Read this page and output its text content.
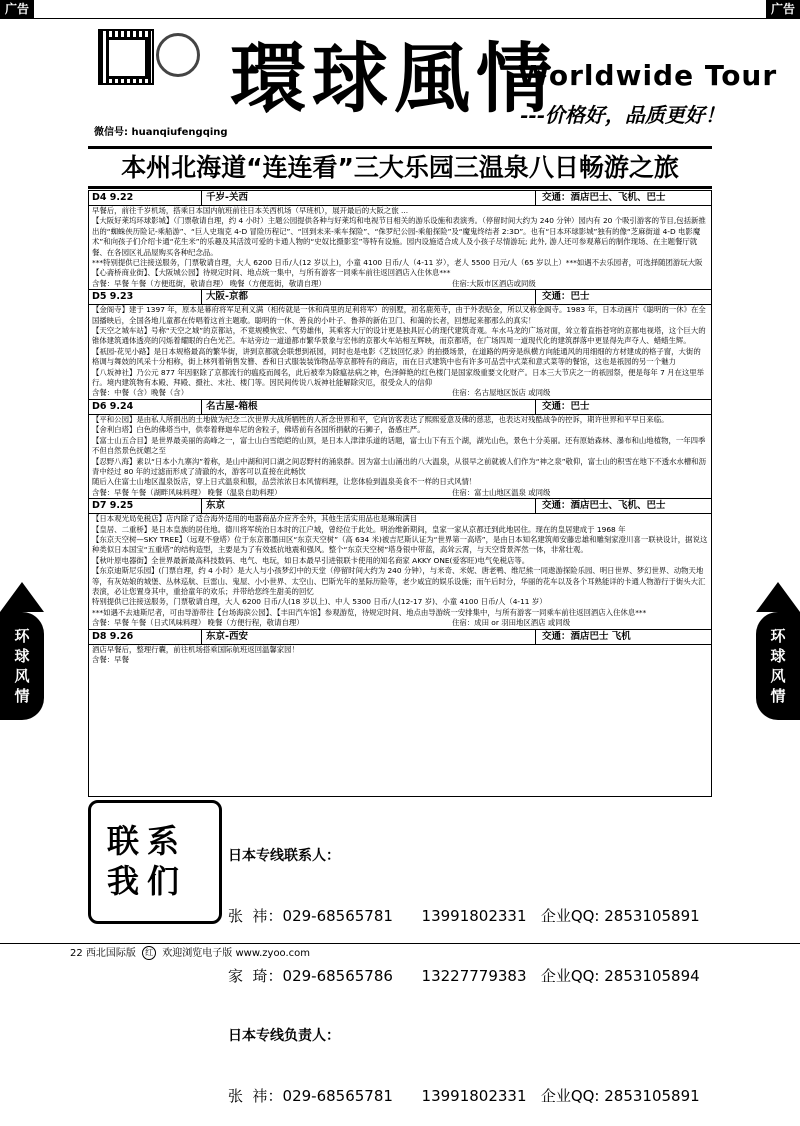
广告	广告
微信号: huanqiufengqing
環球風情
Worldwide Tour
---价格好，品质更好！
本州北海道“连连看”三大乐园三温泉八日畅游之旅
D4 9.22	千岁-关西	交通：酒店巴士、飞机、巴士

早餐后，前往千岁机场，搭乘日本国内航班前往日本关西机场（早班机），展开最后的大阪之旅 ...

【大阪好莱坞环球影城】（门票敬请自理，约 4 小时）主题公园提供各种与好莱坞和电视节目相关的游乐设施和表演秀。（停留时间大约为 240 分钟）园内有 20 个吸引游客的节目,包括新推出的“蜘蛛侠历险记-乘船游”、“巨人史瑞克 4-D 冒险历程记”、“回到未来-乘车探险”、“侏罗纪公园-乘船探险”及“魔鬼终结者 2:3D”。也有“日本环球影城”独有的像“芝麻街道 4-D 电影魔术”和向孩子们介绍卡通“花生米”的乐趣及其活泼可爱的卡通人物的“史奴比摄影室”等特有设施。园内设施适合成人及小孩子尽情游玩; 此外, 游人还可参观幕后的制作现场、在主题餐厅就餐、在各园区礼品屋购买各种纪念品。

***特别提供已注接送服务，门票敬请自理，大人 6200 日币/人(12 岁以上)，小童 4100 日币/人（4-11 岁），老人 5500 日元/人（65 岁以上）***如遇不去乐园者，可选择随团游玩大阪【心斋桥商业街】、【大阪城公园】待规定时间、地点统一集中，与所有游客一同乘车前往返回酒店入住休息***

含餐：早餐 午餐（方便逛街，敬请自理） 晚餐（方便逛街，敬请自理）	住宿:大阪市区酒店或同级
D5 9.23	大阪-京都	交通：巴士

【金阁寺】建于 1397 年，原本是幕府将军足利义满（相传就是一休和尚里的足利将军）的别墅，初名鹿苑寺，由于外表贴金，所以又称金阁寺。1983 年，日本动画片《聪明的一休》在全国播映后，全国各地儿童都在传唱着这首主题歌。聪明的一休、善良的小叶子、鲁莽的新佑卫门、和蔼的长者，回想起来都那么的真实！

【天空之城车站】号称“天空之城”的京都站，不竟规模恢宏、气势雄伟，其乘客大厅的设计更是独具匠心的现代建筑奇观。车水马龙的广场对面，耸立着直指苍穹的京都电视塔，这个巨大的锥体建筑通体透亮的闪烁着耀眼的白色光芒。车站旁边一道道都市繁华景象与宏伟的京都火车站相互辉映，而京都塔，在广场四周一道现代化的建筑群落中更显得先声夺人、蜡蜡生辉。

【祇园-花见小路】是日本规格最高的繁华街，讲到京都就会联想到祇园，同时也是电影《艺妓回忆录》的拍摄场景，在道路的两旁是纵横方向能通风的用细细的方材建成的格子窗，大街的格调与舞妓的风采十分相称，街上林列着销售发簪、香和日式服装装饰物品等京都特有的商店，而在日式建筑中也有许多可品尝中式菜和意式菜等的餐馆，这也是祇园的另一个魅力

【八坂神社】乃公元 877 年因驱除了京都流行的瘟疫而闻名，此后被奉为除瘟祛病之神，色泽鲜艳的红色楼门是国家级重要文化财产。日本三大节庆之一的祇园祭，便是每年 7 月在这里举行。境内建筑物有本殿、拜殿、摄社、末社、楼门等。因民间传说八坂神社能解除灾厄，很受众人的信仰

含餐：中餐（含）晚餐（含）	住宿：名古屋地区饭店 或同级
D6 9.24	名古屋-箱根	交通：巴士

【平和公园】是由私人所捐出的土地做为纪念二次世界大战所牺牲的人祈念世界和平，它向访客表达了熙熙爱意及佛的慈悲，也表达对残酷战争的控诉，期许世界和平早日来临。

【舍利白塔】白色的佛塔当中，供奉着释迦牟尼的舍粒子，佛塔前有各国所捐献的石狮子，备感庄严。

【富士山五合目】是世界最美丽的高峰之一，富士山白雪皑皑的山顶，是日本人津津乐道的话题，富士山下有五个湖，湖光山色，景色十分美丽。还有原始森林、瀑布和山地植物，一年四季不但自然景色抚媚之至

【忍野八海】素以“日本小九寨沟”着称，是山中湖和河口湖之间忍野村的涌泉群。因为富士山涌出的八大温泉，从很早之前就被人们作为“神之泉”敬仰，富士山的积雪在地下不透水水槽和沥青中经过 80 年的过滤而形成了清澈的水，游客可以直接在此畅饮

随后入住富士山地区温泉饭店，穿上日式温泉和服，品尝浓浓日本风情料理，让您体验到温泉美食不一样的日式风情！

含餐：早餐 午餐（湖畔风味料理） 晚餐（温泉自助料理）	住宿：富士山地区温泉 或同级
D7 9.25	东京	交通：酒店巴士、飞机、巴士

【日本观光局免税店】店内除了适合海外适用的电器商品介应齐全外，其他生活实用品也是琳琅满目

【皇居、二重桥】是日本皇族的居住地。德川将军统治日本时的江户城，曾经位于此处。明治维新期间，皇家一家从京都迁到此地居住。现在的皇居建成于 1968 年

【东京天空树—SKY TREE】（远观不登塔）位于东京都墨田区“东京天空树”（高 634 米)被吉尼斯认证为“世界第一高塔”，是由日本知名建筑师安藤忠雄和雕刻家澄川喜一联袂设计，据说这种类似日本国宝“五重塔”的结构造型，主要是为了有效抵抗地震和强风。整个“东京天空树”塔身银中带蓝，高耸云霄，与天空背景浑然一体，非常壮观。

【秋叶原电器街】全世界最新最高科技数码、电气、电玩，如日本最早引进银联卡使用的知名商家 AKKY ONE(爱客旺)电气免税店等。

【东京迪斯尼乐园】(门票自理，约 4 小时）是大人与小孩梦幻中的天堂（停留时间大约为 240 分钟），与米奇、米妮、唐老鸭、维尼熊一同遨游探险乐园、明日世界、梦幻世界、动物天地等，有灰姑娘的城堡、丛林巡航、巨雷山、鬼屋、小小世界、太空山、巴斯光年的星际历险等，老少咸宜的娱乐设施；而午后时分，华丽的花车以及各个耳熟能详的卡通人物游行于街头大汇表演，必让您置身其中，重拾童年的欢乐；并带给您终生甜美的回忆

特别提供已注接送服务，门票敬请自理，大人 6200 日币/人(18 岁以上)、中人 5300 日币/人(12-17 岁)、小童 4100 日币/人（4-11 岁）

***如遇不去迪斯尼者，可由导游带往【台场海滨公园】、【丰田汽车馆】参观游览，待规定时间、地点由导游统一安排集中，与所有游客一同乘车前往返回酒店入住休息***

含餐：早餐 午餐（日式风味料理） 晚餐（方便行程，敬请自理）	住宿：成田 or 羽田地区酒店 或同级
D8 9.26	东京-西安	交通：酒店巴士 飞机

酒店早餐后，整理行囊，前往机场搭乘国际航班返回温馨家园！

含餐：早餐
环球风情
环球风情
联系
我们

日本专线联系人：

张  祎：029-68565781      13991802331   企业QQ: 2853105891

家  琦：029-68565786      13227779383   企业QQ: 2853105894

日本专线负责人：

张  祎：029-68565781      13991802331   企业QQ: 2853105891

22 西北国际版 红 欢迎浏览电子版 www.zyoo.com
